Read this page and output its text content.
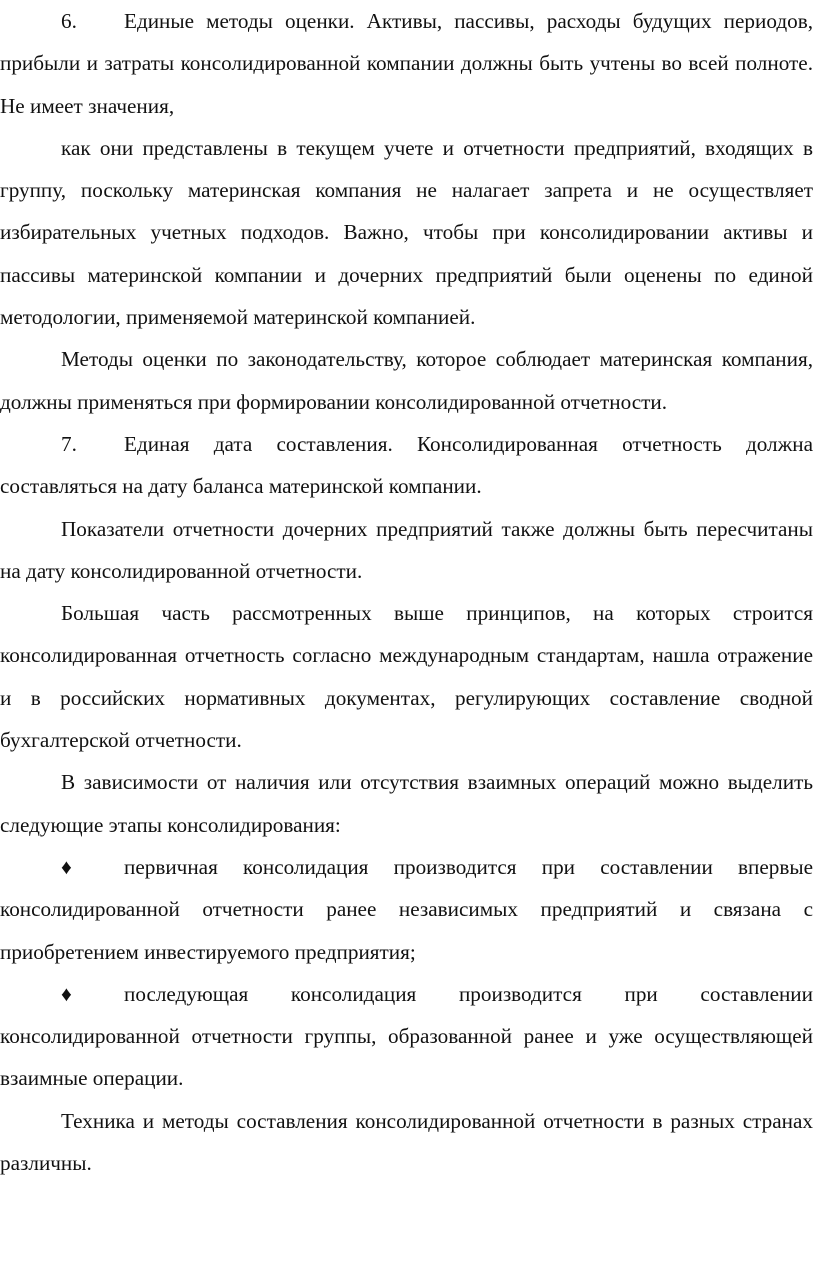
6. Единые методы оценки. Активы, пассивы, расходы будущих периодов, прибыли и затраты консолидированной компании должны быть учтены во всей полноте. Не имеет значения,

как они представлены в текущем учете и отчетности предприятий, входящих в группу, поскольку материнская компания не налагает запрета и не осуществляет избирательных учетных подходов. Важно, чтобы при консолидировании активы и пассивы материнской компании и дочерних предприятий были оценены по единой методологии, применяемой материнской компанией.

Методы оценки по законодательству, которое соблюдает материнская компания, должны применяться при формировании консолидированной отчетности.

7. Единая дата составления. Консолидированная отчетность должна составляться на дату баланса материнской компании.

Показатели отчетности дочерних предприятий также должны быть пересчитаны на дату консолидированной отчетности.

Большая часть рассмотренных выше принципов, на которых строится консолидированная отчетность согласно международным стандартам, нашла отражение и в российских нормативных документах, регулирующих составление сводной бухгалтерской отчетности.

В зависимости от наличия или отсутствия взаимных операций можно выделить следующие этапы консолидирования:

♦ первичная консолидация производится при составлении впервые консолидированной отчетности ранее независимых предприятий и связана с приобретением инвестируемого предприятия;

♦ последующая консолидация производится при составлении консолидированной отчетности группы, образованной ранее и уже осуществляющей взаимные операции.

Техника и методы составления консолидированной отчетности в разных странах различны.
